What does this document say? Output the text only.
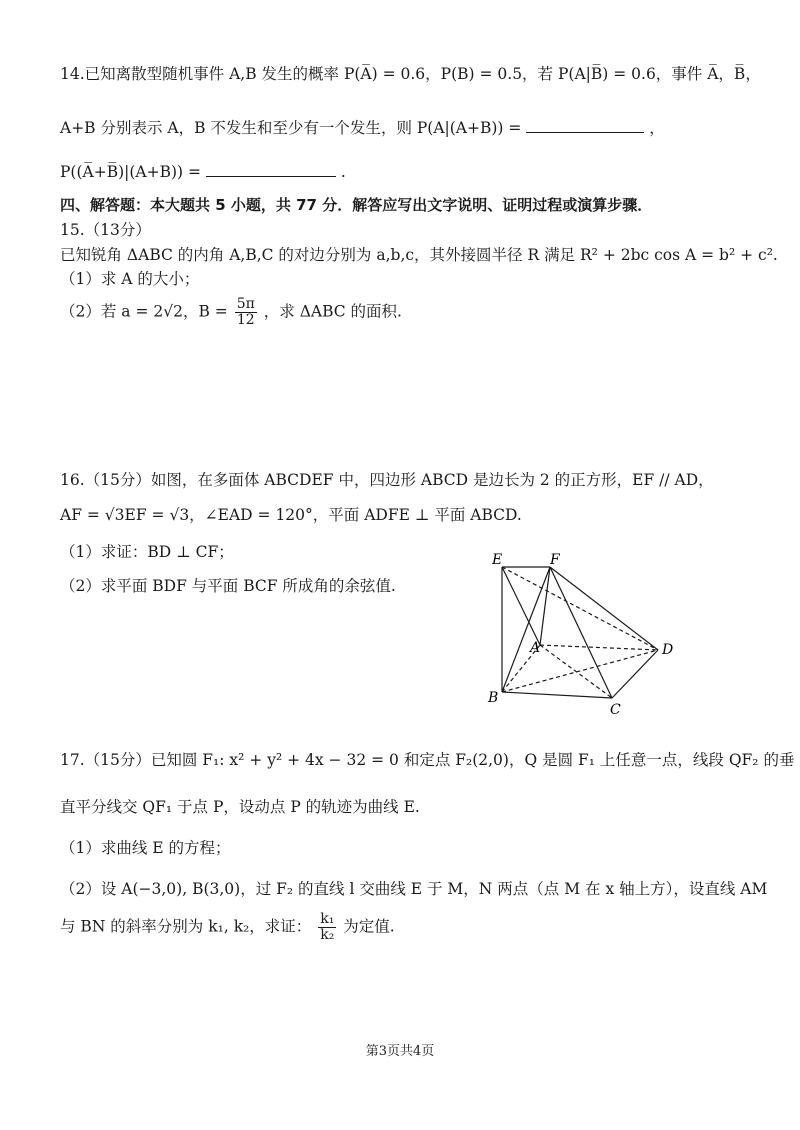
14.已知离散型随机事件 A,B 发生的概率 P(A̅) = 0.6，P(B) = 0.5，若 P(A|B̅) = 0.6，事件 A̅，B̅，
A+B 分别表示 A，B 不发生和至少有一个发生，则 P(A|(A+B)) =	，
P((A̅+B̅)|(A+B)) =	.
四、解答题：本大题共 5 小题，共 77 分．解答应写出文字说明、证明过程或演算步骤．
15.（13分）
已知锐角 ΔABC 的内角 A,B,C 的对边分别为 a,b,c，其外接圆半径 R 满足 R² + 2bc cos A = b² + c².
（1）求 A 的大小；
（2）若 a = 2√2，$B = \frac{5\pi}{12}$ ，求 ΔABC 的面积.
16.（15分）如图，在多面体 ABCDEF 中，四边形 ABCD 是边长为 2 的正方形，EF // AD，
AF = √3EF = √3，∠EAD = 120°，平面 ADFE ⊥ 平面 ABCD.
（1）求证：BD ⊥ CF；
（2）求平面 BDF 与平面 BCF 所成角的余弦值.
E	F
A	D
B
C
17.（15分）已知圆 F₁: x² + y² + 4x − 32 = 0 和定点 F₂(2,0)，Q 是圆 F₁ 上任意一点，线段 QF₂ 的垂
直平分线交 QF₁ 于点 P，设动点 P 的轨迹为曲线 E.
（1）求曲线 E 的方程；
（2）设 A(−3,0), B(3,0)，过 F₂ 的直线 l 交曲线 E 于 M，N 两点（点 M 在 x 轴上方），设直线 AM
与 BN 的斜率分别为 k₁, k₂，求证： $\frac{\text{k₁}}{\text{k₂}}$ 为定值.
第3页共4页
